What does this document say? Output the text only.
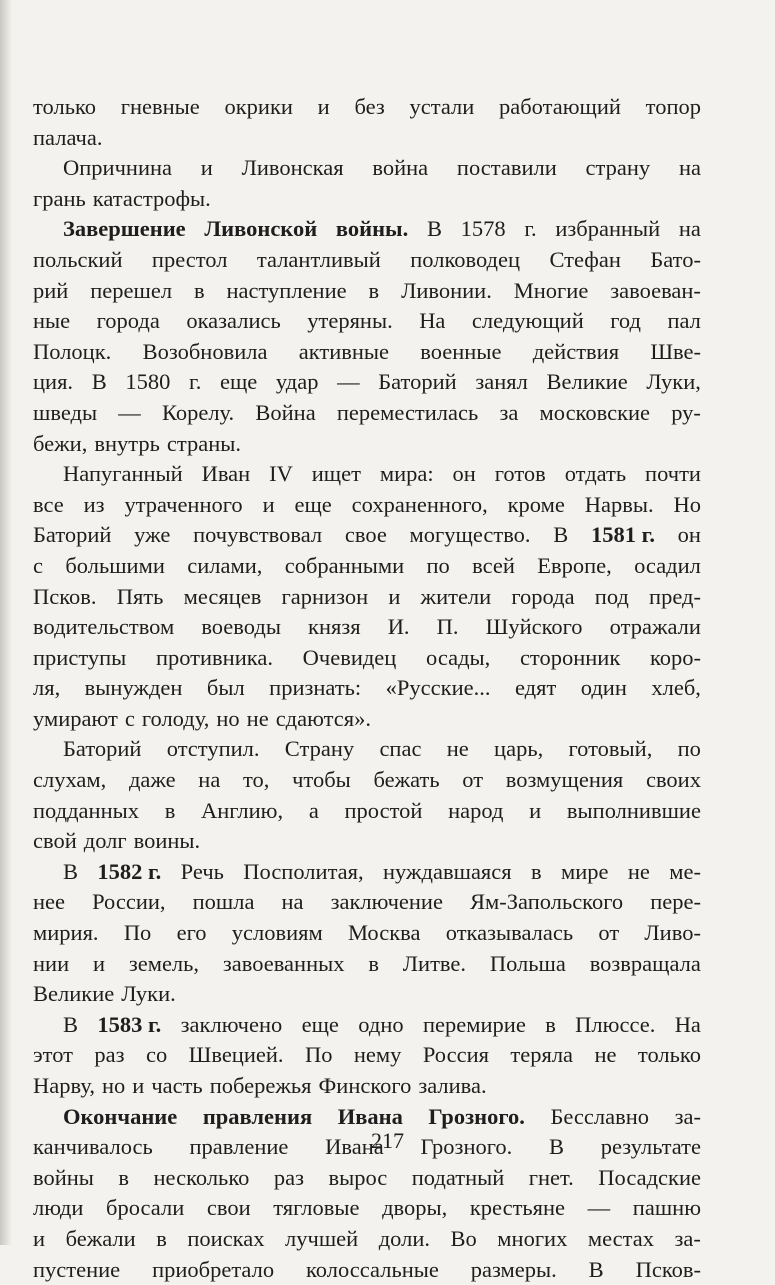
только гневные окрики и без устали работающий топор
палача.
Опричнина и Ливонская война поставили страну на
грань катастрофы.
Завершение Ливонской войны. В 1578 г. избранный на
польский престол талантливый полководец Стефан Бато-
рий перешел в наступление в Ливонии. Многие завоеван-
ные города оказались утеряны. На следующий год пал
Полоцк. Возобновила активные военные действия Шве-
ция. В 1580 г. еще удар — Баторий занял Великие Луки,
шведы — Корелу. Война переместилась за московские ру-
бежи, внутрь страны.
Напуганный Иван IV ищет мира: он готов отдать почти
все из утраченного и еще сохраненного, кроме Нарвы. Но
Баторий уже почувствовал свое могущество. В 1581 г. он
с большими силами, собранными по всей Европе, осадил
Псков. Пять месяцев гарнизон и жители города под пред-
водительством воеводы князя И. П. Шуйского отражали
приступы противника. Очевидец осады, сторонник коро-
ля, вынужден был признать: «Русские... едят один хлеб,
умирают с голоду, но не сдаются».
Баторий отступил. Страну спас не царь, готовый, по
слухам, даже на то, чтобы бежать от возмущения своих
подданных в Англию, а простой народ и выполнившие
свой долг воины.
В 1582 г. Речь Посполитая, нуждавшаяся в мире не ме-
нее России, пошла на заключение Ям-Запольского пере-
мирия. По его условиям Москва отказывалась от Ливо-
нии и земель, завоеванных в Литве. Польша возвращала
Великие Луки.
В 1583 г. заключено еще одно перемирие в Плюссе. На
этот раз со Швецией. По нему Россия теряла не только
Нарву, но и часть побережья Финского залива.
Окончание правления Ивана Грозного. Бесславно за-
канчивалось правление Ивана Грозного. В результате
войны в несколько раз вырос податный гнет. Посадские
люди бросали свои тягловые дворы, крестьяне — пашню
и бежали в поисках лучшей доли. Во многих местах за-
пустение приобретало колоссальные размеры. В Псков-
217
